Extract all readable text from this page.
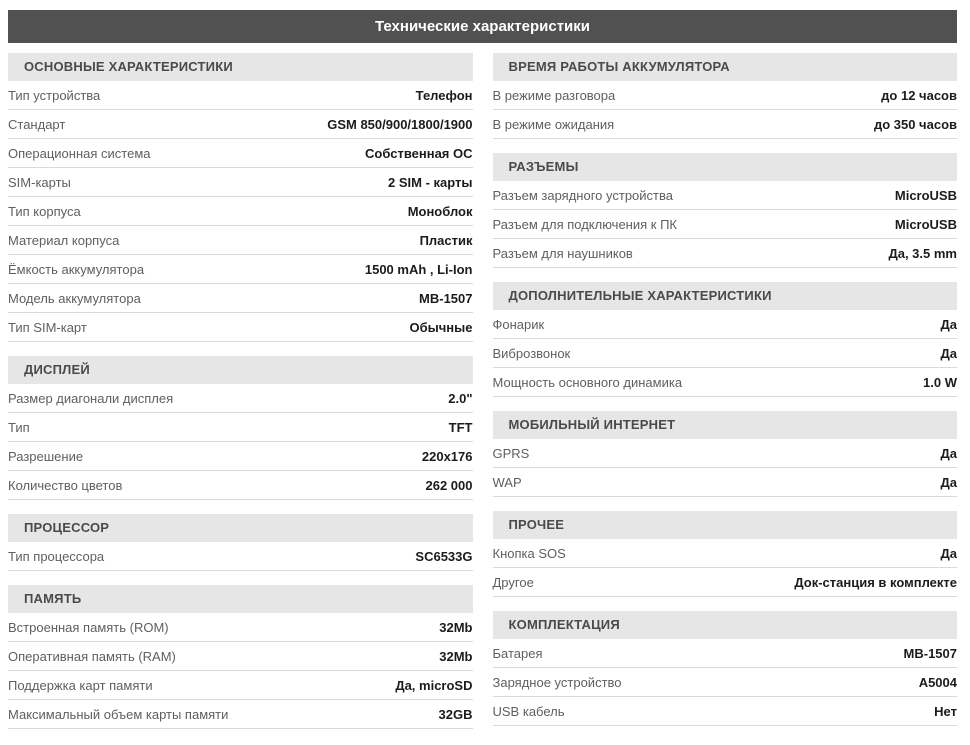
Технические характеристики
ОСНОВНЫЕ ХАРАКТЕРИСТИКИ
Тип устройства	Телефон
Стандарт	GSM 850/900/1800/1900
Операционная система	Собственная ОС
SIM-карты	2 SIM - карты
Тип корпуса	Моноблок
Материал корпуса	Пластик
Ёмкость аккумулятора	1500 mAh , Li-Ion
Модель аккумулятора	MB-1507
Тип SIM-карт	Обычные
ДИСПЛЕЙ
Размер диагонали дисплея	2.0"
Тип	TFT
Разрешение	220x176
Количество цветов	262 000
ПРОЦЕССОР
Тип процессора	SC6533G
ПАМЯТЬ
Встроенная память (ROM)	32Mb
Оперативная память (RAM)	32Mb
Поддержка карт памяти	Да, microSD
Максимальный объем карты памяти	32GB
ВРЕМЯ РАБОТЫ АККУМУЛЯТОРА
В режиме разговора	до 12 часов
В режиме ожидания	до 350 часов
РАЗЪЕМЫ
Разъем зарядного устройства	MicroUSB
Разъем для подключения к ПК	MicroUSB
Разъем для наушников	Да, 3.5 mm
ДОПОЛНИТЕЛЬНЫЕ ХАРАКТЕРИСТИКИ
Фонарик	Да
Виброзвонок	Да
Мощность основного динамика	1.0 W
МОБИЛЬНЫЙ ИНТЕРНЕТ
GPRS	Да
WAP	Да
ПРОЧЕЕ
Кнопка SOS	Да
Другое	Док-станция в комплекте
КОМПЛЕКТАЦИЯ
Батарея	MB-1507
Зарядное устройство	A5004
USB кабель	Нет
